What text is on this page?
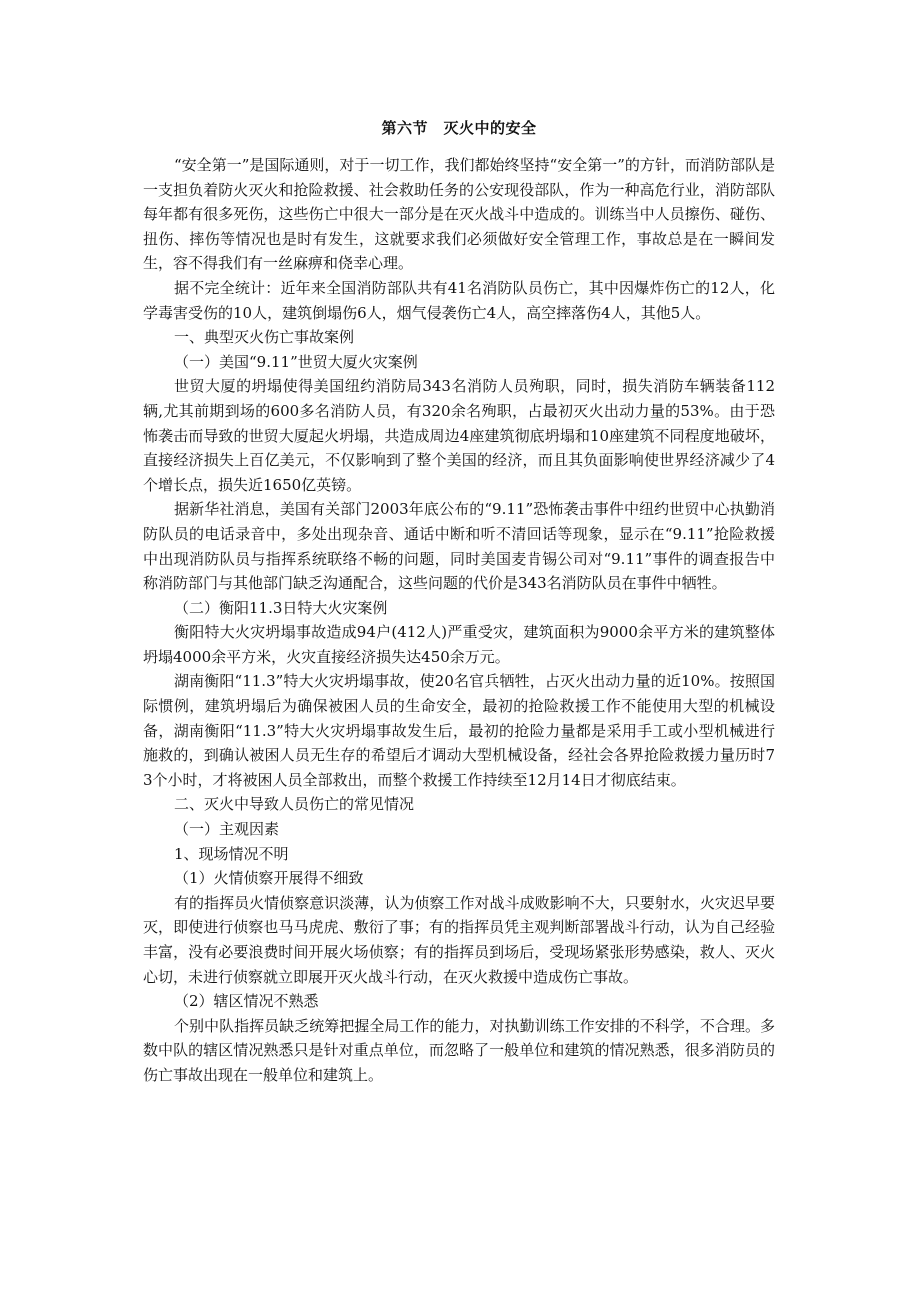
第六节　灭火中的安全

“安全第一”是国际通则，对于一切工作，我们都始终坚持“安全第一”的方针，而消防部队是一支担负着防火灭火和抢险救援、社会救助任务的公安现役部队，作为一种高危行业，消防部队每年都有很多死伤，这些伤亡中很大一部分是在灭火战斗中造成的。训练当中人员擦伤、碰伤、扭伤、摔伤等情况也是时有发生，这就要求我们必须做好安全管理工作，事故总是在一瞬间发生，容不得我们有一丝麻痹和侥幸心理。

据不完全统计：近年来全国消防部队共有41名消防队员伤亡，其中因爆炸伤亡的12人，化学毒害受伤的10人，建筑倒塌伤6人，烟气侵袭伤亡4人，高空摔落伤4人，其他5人。

一、典型灭火伤亡事故案例

（一）美国“9.11”世贸大厦火灾案例

世贸大厦的坍塌使得美国纽约消防局343名消防人员殉职，同时，损失消防车辆装备112辆,尤其前期到场的600多名消防人员，有320余名殉职，占最初灭火出动力量的53%。由于恐怖袭击而导致的世贸大厦起火坍塌，共造成周边4座建筑彻底坍塌和10座建筑不同程度地破坏，直接经济损失上百亿美元，不仅影响到了整个美国的经济，而且其负面影响使世界经济减少了4个增长点，损失近1650亿英镑。

据新华社消息，美国有关部门2003年底公布的“9.11”恐怖袭击事件中纽约世贸中心执勤消防队员的电话录音中，多处出现杂音、通话中断和听不清回话等现象，显示在“9.11”抢险救援中出现消防队员与指挥系统联络不畅的问题，同时美国麦肯锡公司对“9.11”事件的调查报告中称消防部门与其他部门缺乏沟通配合，这些问题的代价是343名消防队员在事件中牺牲。

（二）衡阳11.3日特大火灾案例

衡阳特大火灾坍塌事故造成94户(412人)严重受灾，建筑面积为9000余平方米的建筑整体坍塌4000余平方米，火灾直接经济损失达450余万元。

湖南衡阳“11.3”特大火灾坍塌事故，使20名官兵牺牲，占灭火出动力量的近10%。按照国际惯例，建筑坍塌后为确保被困人员的生命安全，最初的抢险救援工作不能使用大型的机械设备，湖南衡阳“11.3”特大火灾坍塌事故发生后，最初的抢险力量都是采用手工或小型机械进行施救的，到确认被困人员无生存的希望后才调动大型机械设备，经社会各界抢险救援力量历时73个小时，才将被困人员全部救出，而整个救援工作持续至12月14日才彻底结束。

二、灭火中导致人员伤亡的常见情况

（一）主观因素

1、现场情况不明

（1）火情侦察开展得不细致

有的指挥员火情侦察意识淡薄，认为侦察工作对战斗成败影响不大，只要射水，火灾迟早要灭，即使进行侦察也马马虎虎、敷衍了事；有的指挥员凭主观判断部署战斗行动，认为自己经验丰富，没有必要浪费时间开展火场侦察；有的指挥员到场后，受现场紧张形势感染，救人、灭火心切，未进行侦察就立即展开灭火战斗行动，在灭火救援中造成伤亡事故。

（2）辖区情况不熟悉

个别中队指挥员缺乏统筹把握全局工作的能力，对执勤训练工作安排的不科学，不合理。多数中队的辖区情况熟悉只是针对重点单位，而忽略了一般单位和建筑的情况熟悉，很多消防员的伤亡事故出现在一般单位和建筑上。
